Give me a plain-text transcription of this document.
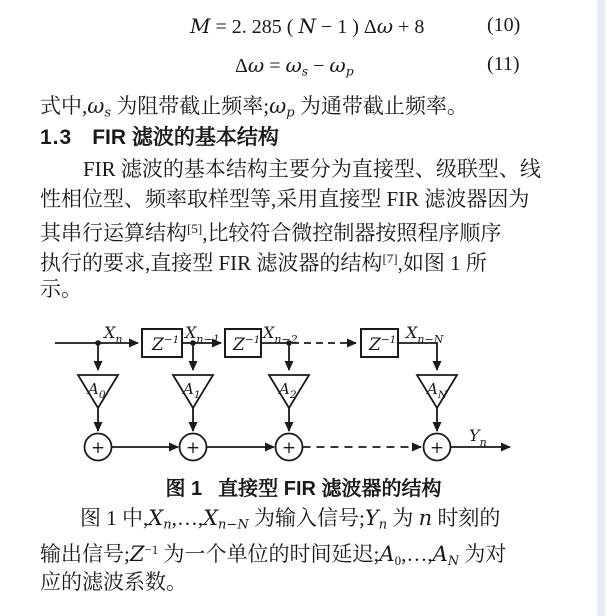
M = 2. 285 ( N − 1 ) Δω + 8	(10)
Δω = ωs − ωp	(11)
式中,ωs 为阻带截止频率;ωp 为通带截止频率。
1.3 FIR 滤波的基本结构
FIR 滤波的基本结构主要分为直接型、级联型、线
性相位型、频率取样型等,采用直接型 FIR 滤波器因为
其串行运算结构[5],比较符合微控制器按照程序顺序
执行的要求,直接型 FIR 滤波器的结构[7],如图 1 所
示。
$Z^{-1}$	$Z^{-1}$	$Z^{-1}$
$X_n$	$X_{n-1}$	$X_{n-2}$	$X_{n-N}$
$A_0$	$A_1$	$A_2$	$A_N$
+	+	+	+
$Y_n$
图 1 直接型 FIR 滤波器的结构
图 1 中,Xn,…,Xn−N 为输入信号;Yn 为 n 时刻的
输出信号$;Z^{-1}$ 为一个单位的时间延迟;A0,…,AN 为对
应的滤波系数。
